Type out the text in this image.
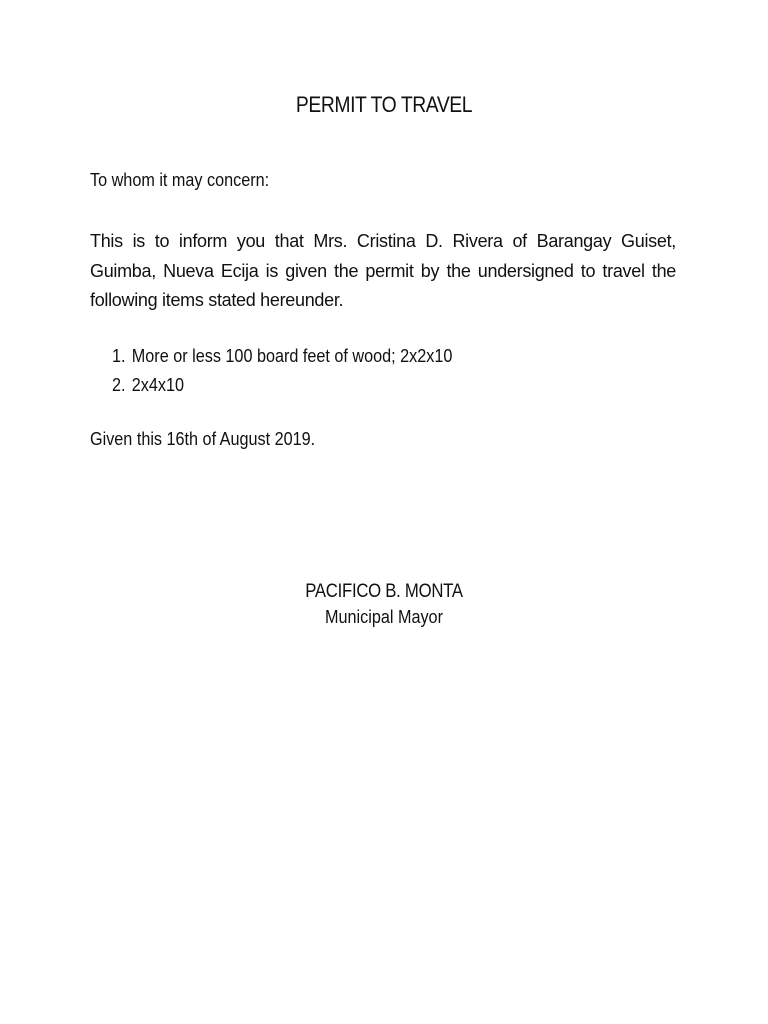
PERMIT TO TRAVEL

To whom it may concern:

This is to inform you that Mrs. Cristina D. Rivera of Barangay Guiset, Guimba, Nueva Ecija is given the permit by the undersigned to travel the following items stated hereunder.

1. More or less 100 board feet of wood; 2x2x10
2. 2x4x10

Given this 16th of August 2019.

PACIFICO B. MONTA

Municipal Mayor
